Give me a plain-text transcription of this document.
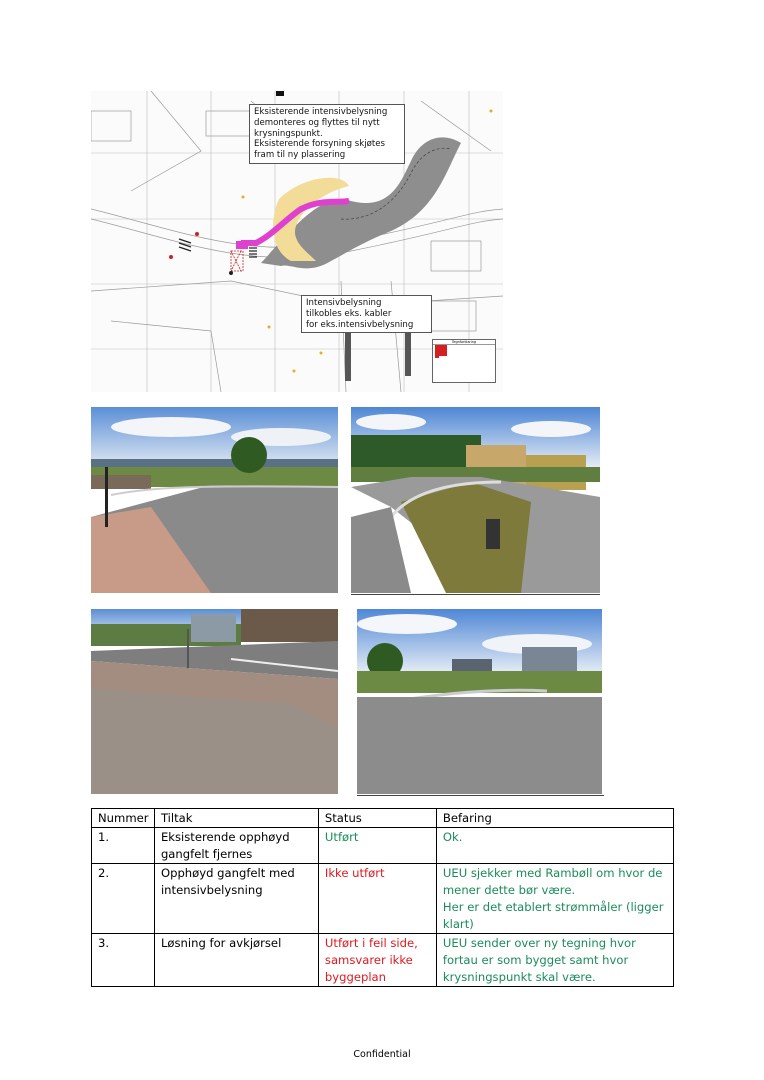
Eksisterende intensivbelysning
demonteres og flyttes til nytt
krysningspunkt.
Eksisterende forsyning skjøtes
fram til ny plassering
Intensivbelysning
tilkobles eks. kabler
for eks.intensivbelysning
Tegnforklaring
Nummer	Tiltak	Status	Befaring
1.	Eksisterende opphøyd gangfelt fjernes	Utført	Ok.

2.	Opphøyd gangfelt med intensivbelysning	Ikke utført	UEU sjekker med Rambøll om hvor de mener dette bør være.
Her er det etablert strømmåler (ligger klart)

3.	Løsning for avkjørsel	Utført i feil side, samsvarer ikke byggeplan	UEU sender over ny tegning hvor fortau er som bygget samt hvor krysningspunkt skal være.
Confidential
